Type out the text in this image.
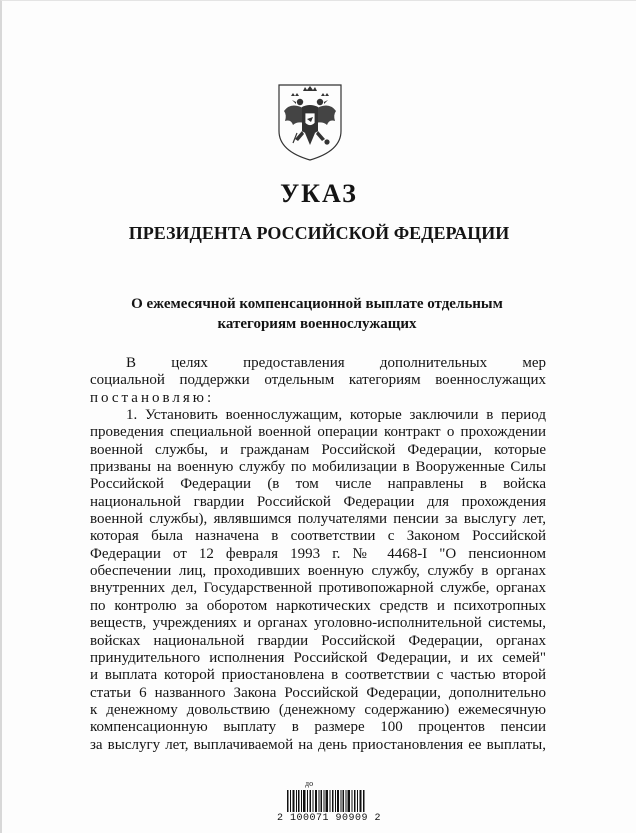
УКАЗ
ПРЕЗИДЕНТА РОССИЙСКОЙ ФЕДЕРАЦИИ
О ежемесячной компенсационной выплате отдельным
категориям военнослужащих
В целях предоставления дополнительных мер
социальной поддержки отдельным категориям военнослужащих
постановляю:
1. Установить военнослужащим, которые заключили в период
проведения специальной военной операции контракт о прохождении
военной службы, и гражданам Российской Федерации, которые
призваны на военную службу по мобилизации в Вооруженные Силы
Российской Федерации (в том числе направлены в войска
национальной гвардии Российской Федерации для прохождения
военной службы), являвшимся получателями пенсии за выслугу лет,
которая была назначена в соответствии с Законом Российской
Федерации от 12 февраля 1993 г. № 4468-I "О пенсионном
обеспечении лиц, проходивших военную службу, службу в органах
внутренних дел, Государственной противопожарной службе, органах
по контролю за оборотом наркотических средств и психотропных
веществ, учреждениях и органах уголовно-исполнительной системы,
войсках национальной гвардии Российской Федерации, органах
принудительного исполнения Российской Федерации, и их семей"
и выплата которой приостановлена в соответствии с частью второй
статьи 6 названного Закона Российской Федерации, дополнительно
к денежному довольствию (денежному содержанию) ежемесячную
компенсационную выплату в размере 100 процентов пенсии
за выслугу лет, выплачиваемой на день приостановления ее выплаты,
до
2 100071 90909 2
